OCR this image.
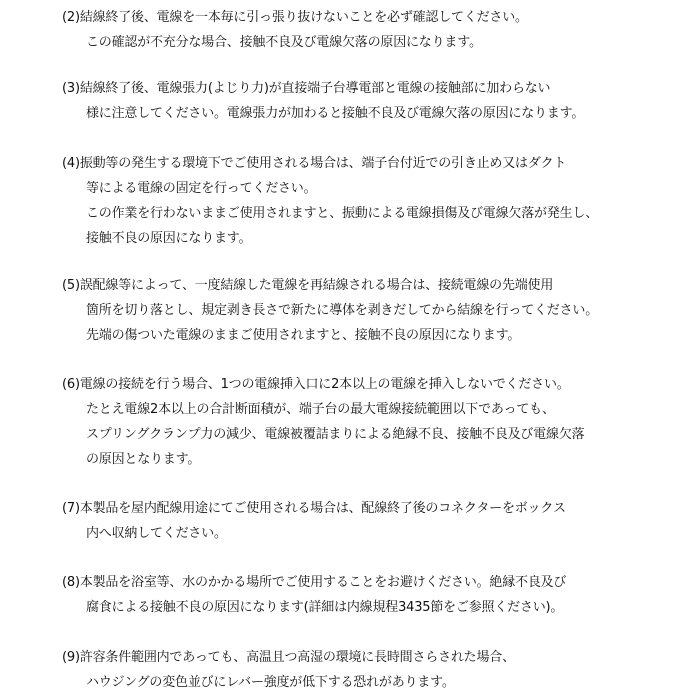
(2)結線終了後、電線を一本毎に引っ張り抜けないことを必ず確認してください。
この確認が不充分な場合、接触不良及び電線欠落の原因になります。
(3)結線終了後、電線張力(よじり力)が直接端子台導電部と電線の接触部に加わらない
様に注意してください。電線張力が加わると接触不良及び電線欠落の原因になります。
(4)振動等の発生する環境下でご使用される場合は、端子台付近での引き止め又はダクト
等による電線の固定を行ってください。
この作業を行わないままご使用されますと、振動による電線損傷及び電線欠落が発生し、
接触不良の原因になります。
(5)誤配線等によって、一度結線した電線を再結線される場合は、接続電線の先端使用
箇所を切り落とし、規定剥き長さで新たに導体を剥きだしてから結線を行ってください。
先端の傷ついた電線のままご使用されますと、接触不良の原因になります。
(6)電線の接続を行う場合、1つの電線挿入口に2本以上の電線を挿入しないでください。
たとえ電線2本以上の合計断面積が、端子台の最大電線接続範囲以下であっても、
スプリングクランプ力の減少、電線被覆詰まりによる絶縁不良、接触不良及び電線欠落
の原因となります。
(7)本製品を屋内配線用途にてご使用される場合は、配線終了後のコネクターをボックス
内へ収納してください。
(8)本製品を浴室等、水のかかる場所でご使用することをお避けください。絶縁不良及び
腐食による接触不良の原因になります(詳細は内線規程3435節をご参照ください)。
(9)許容条件範囲内であっても、高温且つ高湿の環境に長時間さらされた場合、
ハウジングの変色並びにレバー強度が低下する恐れがあります。
